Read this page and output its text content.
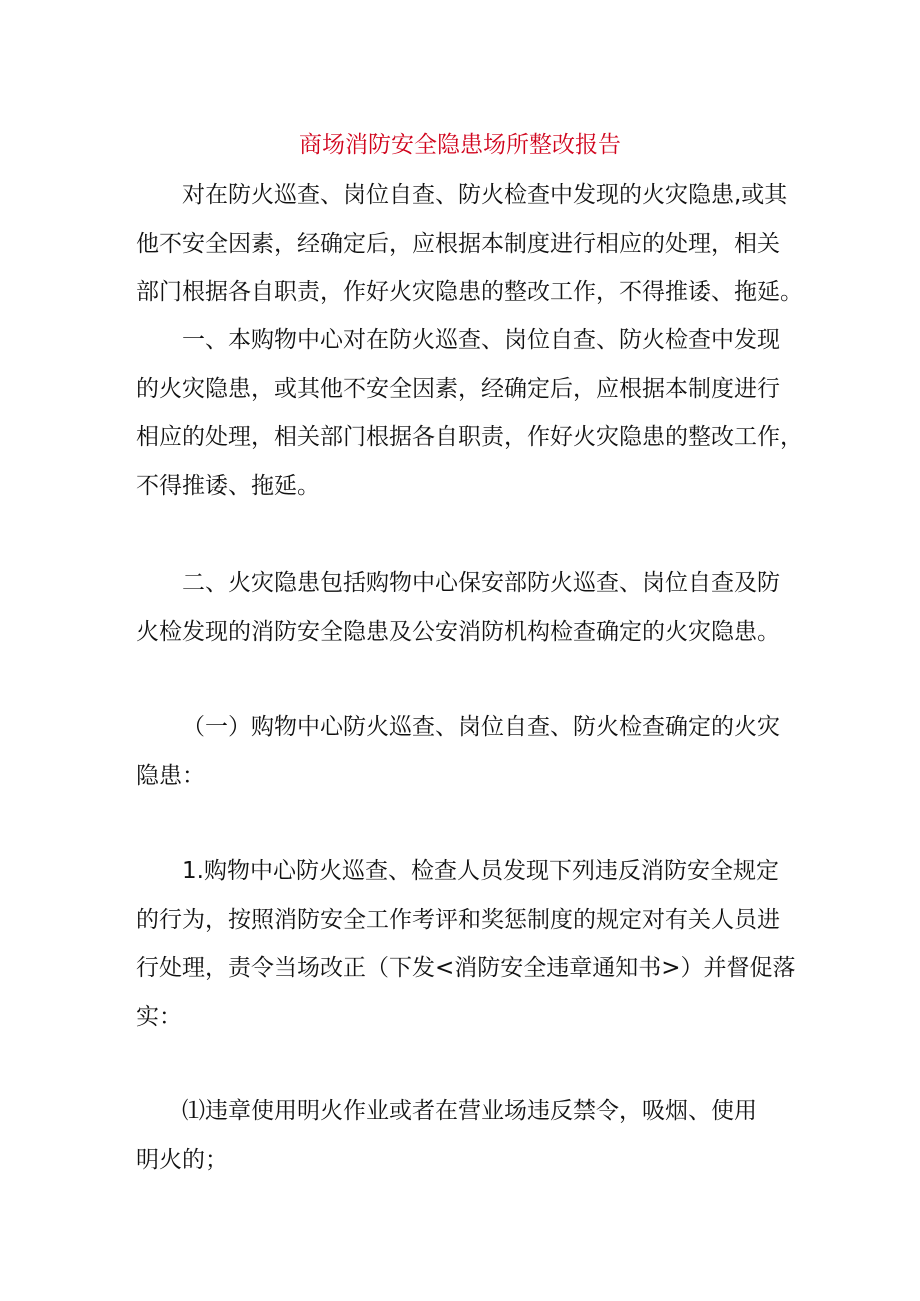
商场消防安全隐患场所整改报告
对在防火巡查、岗位自查、防火检查中发现的火灾隐患,或其
他不安全因素，经确定后，应根据本制度进行相应的处理，相关
部门根据各自职责，作好火灾隐患的整改工作，不得推诿、拖延。
一、本购物中心对在防火巡查、岗位自查、防火检查中发现
的火灾隐患，或其他不安全因素，经确定后，应根据本制度进行
相应的处理，相关部门根据各自职责，作好火灾隐患的整改工作，
不得推诿、拖延。
二、火灾隐患包括购物中心保安部防火巡查、岗位自查及防
火检发现的消防安全隐患及公安消防机构检查确定的火灾隐患。
（一）购物中心防火巡查、岗位自查、防火检查确定的火灾
隐患：
1.购物中心防火巡查、检查人员发现下列违反消防安全规定
的行为，按照消防安全工作考评和奖惩制度的规定对有关人员进
行处理，责令当场改正（下发<消防安全违章通知书>）并督促落
实：
⑴违章使用明火作业或者在营业场违反禁令，吸烟、使用
明火的；
